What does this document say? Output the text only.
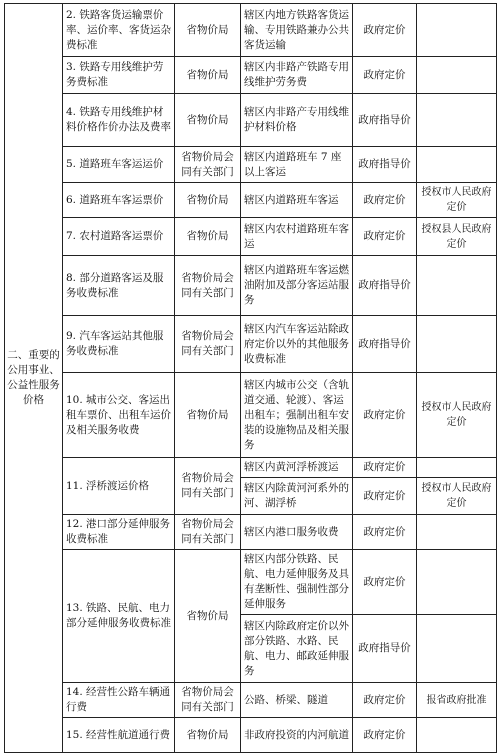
二、重要的公用事业、公益性服务价格	2. 铁路客货运输票价率、运价率、客货运杂费标准	省物价局	辖区内地方铁路客货运输、专用铁路兼办公共客货运输	政府定价	
	3. 铁路专用线维护劳务费标准	省物价局	辖区内非路产铁路专用线维护劳务费	政府定价	
	4. 铁路专用线维护材料价格作价办法及费率	省物价局	辖区内非路产专用线维护材料价格	政府指导价	
	5. 道路班车客运运价	省物价局会同有关部门	辖区内道路班车 7 座以上客运	政府指导价	
	6. 道路班车客运票价	省物价局	辖区内道路班车客运	政府定价	授权市人民政府定价
	7. 农村道路客运票价	省物价局	辖区内农村道路班车客运	政府定价	授权县人民政府定价
	8. 部分道路客运及服务收费标准	省物价局会同有关部门	辖区内道路班车客运燃油附加及部分客运站服务	政府指导价	
	9. 汽车客运站其他服务收费标准	省物价局会同有关部门	辖区内汽车客运站除政府定价以外的其他服务收费标准	政府指导价	
	10. 城市公交、客运出租车票价、出租车运价及相关服务收费	省物价局	辖区内城市公交（含轨道交通、轮渡）、客运出租车；强制出租车安装的设施物品及相关服务	政府定价	授权市人民政府定价
	11. 浮桥渡运价格	省物价局会同有关部门	辖区内黄河浮桥渡运	政府定价	
			辖区内除黄河河系外的河、湖浮桥	政府定价	授权市人民政府定价
	12. 港口部分延伸服务收费标准	省物价局会同有关部门	辖区内港口服务收费	政府定价	
	13. 铁路、民航、电力部分延伸服务收费标准	省物价局	辖区内部分铁路、民航、电力延伸服务及具有垄断性、强制性部分延伸服务	政府定价	
			辖区内除政府定价以外部分铁路、水路、民航、电力、邮政延伸服务	政府指导价	
	14. 经营性公路车辆通行费	省物价局会同有关部门	公路、桥梁、隧道	政府定价	报省政府批准
	15. 经营性航道通行费	省物价局	非政府投资的内河航道	政府定价	
